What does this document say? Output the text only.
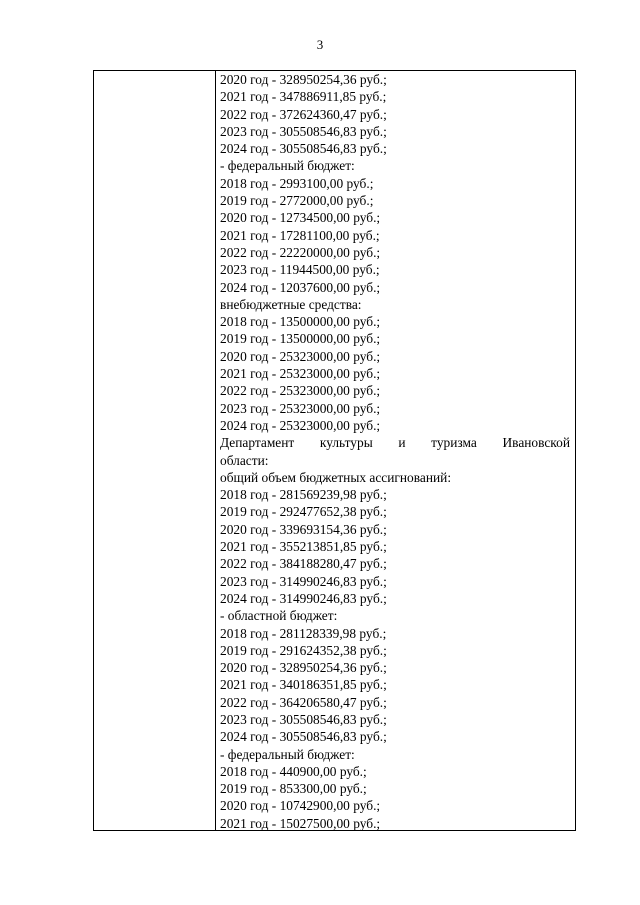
3
2020 год - 328950254,36 руб.;
2021 год - 347886911,85 руб.;
2022 год - 372624360,47 руб.;
2023 год - 305508546,83 руб.;
2024 год - 305508546,83 руб.;
- федеральный бюджет:
2018 год - 2993100,00 руб.;
2019 год - 2772000,00 руб.;
2020 год - 12734500,00 руб.;
2021 год - 17281100,00 руб.;
2022 год - 22220000,00 руб.;
2023 год - 11944500,00 руб.;
2024 год - 12037600,00 руб.;
внебюджетные средства:
2018 год - 13500000,00 руб.;
2019 год - 13500000,00 руб.;
2020 год - 25323000,00 руб.;
2021 год - 25323000,00 руб.;
2022 год - 25323000,00 руб.;
2023 год - 25323000,00 руб.;
2024 год - 25323000,00 руб.;
Департамент культуры и туризма Ивановской
области:
общий объем бюджетных ассигнований:
2018 год - 281569239,98 руб.;
2019 год - 292477652,38 руб.;
2020 год - 339693154,36 руб.;
2021 год - 355213851,85 руб.;
2022 год - 384188280,47 руб.;
2023 год - 314990246,83 руб.;
2024 год - 314990246,83 руб.;
- областной бюджет:
2018 год - 281128339,98 руб.;
2019 год - 291624352,38 руб.;
2020 год - 328950254,36 руб.;
2021 год - 340186351,85 руб.;
2022 год - 364206580,47 руб.;
2023 год - 305508546,83 руб.;
2024 год - 305508546,83 руб.;
- федеральный бюджет:
2018 год - 440900,00 руб.;
2019 год - 853300,00 руб.;
2020 год - 10742900,00 руб.;
2021 год - 15027500,00 руб.;
